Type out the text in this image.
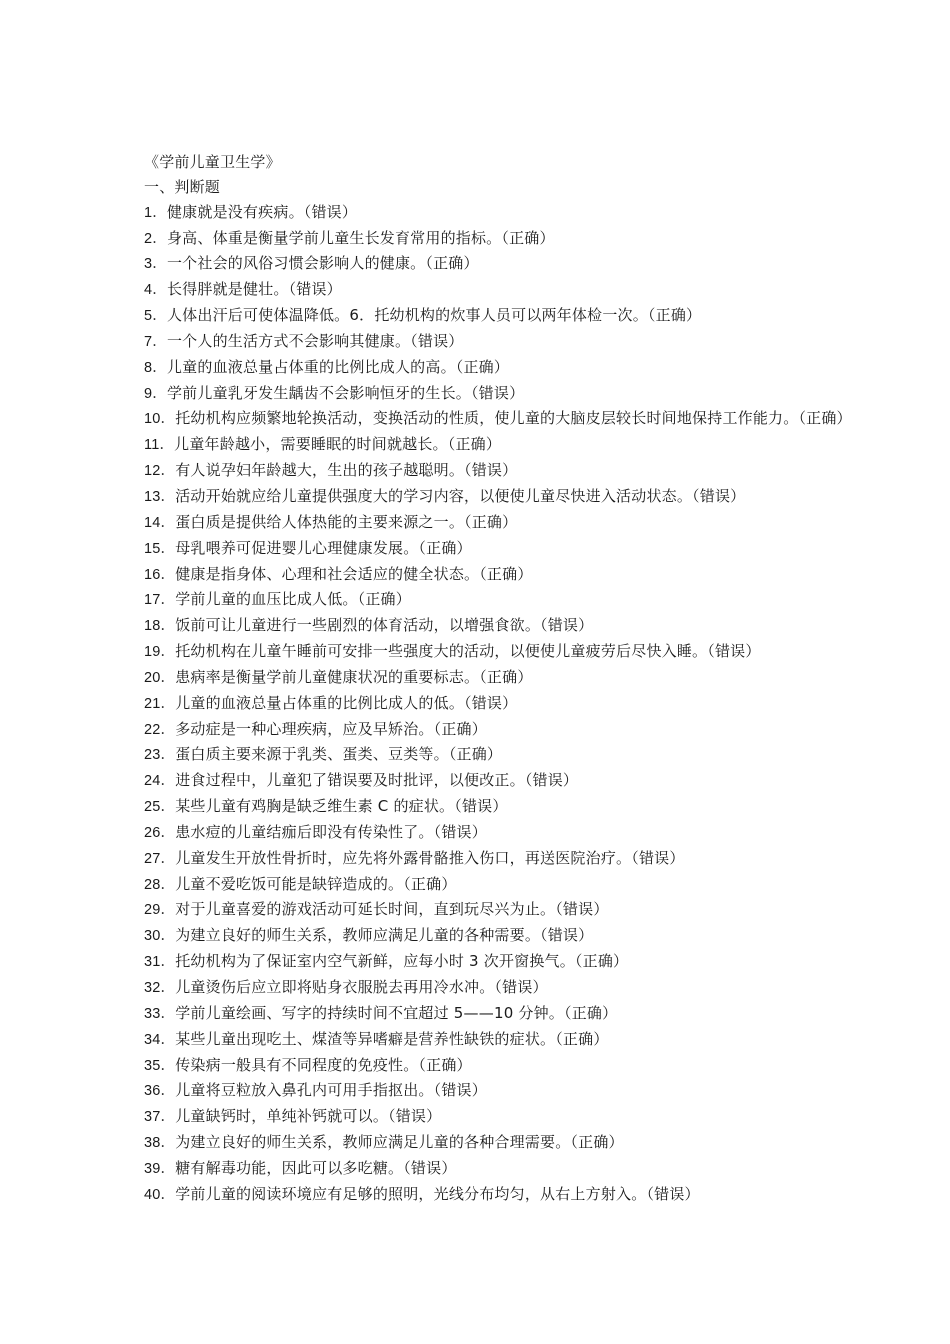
《学前儿童卫生学》
一、判断题
1．健康就是没有疾病。（错误）
2．身高、体重是衡量学前儿童生长发育常用的指标。（正确）
3．一个社会的风俗习惯会影响人的健康。（正确）
4．长得胖就是健壮。（错误）
5．人体出汗后可使体温降低。6．托幼机构的炊事人员可以两年体检一次。（正确）
7．一个人的生活方式不会影响其健康。（错误）
8．儿童的血液总量占体重的比例比成人的高。（正确）
9．学前儿童乳牙发生龋齿不会影响恒牙的生长。（错误）
10．托幼机构应频繁地轮换活动，变换活动的性质，使儿童的大脑皮层较长时间地保持工作能力。（正确）
11．儿童年龄越小，需要睡眠的时间就越长。（正确）
12．有人说孕妇年龄越大，生出的孩子越聪明。（错误）
13．活动开始就应给儿童提供强度大的学习内容，以便使儿童尽快进入活动状态。（错误）
14．蛋白质是提供给人体热能的主要来源之一。（正确）
15．母乳喂养可促进婴儿心理健康发展。（正确）
16．健康是指身体、心理和社会适应的健全状态。（正确）
17．学前儿童的血压比成人低。（正确）
18．饭前可让儿童进行一些剧烈的体育活动，以增强食欲。（错误）
19．托幼机构在儿童午睡前可安排一些强度大的活动，以便使儿童疲劳后尽快入睡。（错误）
20．患病率是衡量学前儿童健康状况的重要标志。（正确）
21．儿童的血液总量占体重的比例比成人的低。（错误）
22．多动症是一种心理疾病，应及早矫治。（正确）
23．蛋白质主要来源于乳类、蛋类、豆类等。（正确）
24．进食过程中，儿童犯了错误要及时批评，以便改正。（错误）
25．某些儿童有鸡胸是缺乏维生素 C 的症状。（错误）
26．患水痘的儿童结痂后即没有传染性了。（错误）
27．儿童发生开放性骨折时，应先将外露骨骼推入伤口，再送医院治疗。（错误）
28．儿童不爱吃饭可能是缺锌造成的。（正确）
29．对于儿童喜爱的游戏活动可延长时间，直到玩尽兴为止。（错误）
30．为建立良好的师生关系，教师应满足儿童的各种需要。（错误）
31．托幼机构为了保证室内空气新鲜，应每小时 3 次开窗换气。（正确）
32．儿童烫伤后应立即将贴身衣服脱去再用冷水冲。（错误）
33．学前儿童绘画、写字的持续时间不宜超过 5——10 分钟。（正确）
34．某些儿童出现吃土、煤渣等异嗜癖是营养性缺铁的症状。（正确）
35．传染病一般具有不同程度的免疫性。（正确）
36．儿童将豆粒放入鼻孔内可用手指抠出。（错误）
37．儿童缺钙时，单纯补钙就可以。（错误）
38．为建立良好的师生关系，教师应满足儿童的各种合理需要。（正确）
39．糖有解毒功能，因此可以多吃糖。（错误）
40．学前儿童的阅读环境应有足够的照明，光线分布均匀，从右上方射入。（错误）
